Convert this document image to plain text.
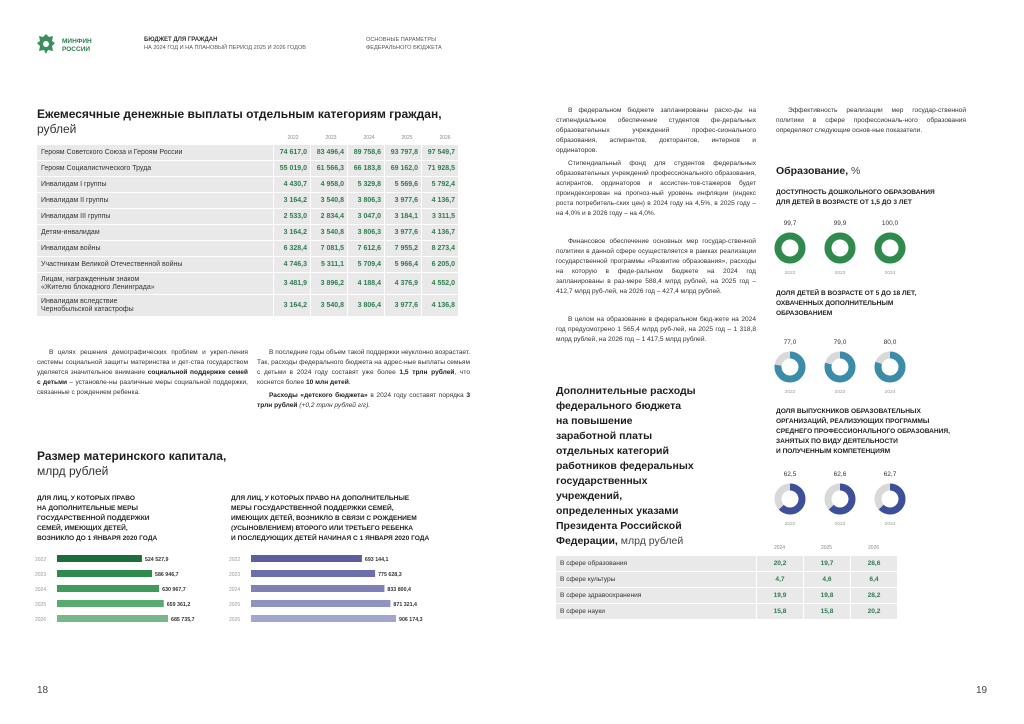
МИНФИН
РОССИИ
БЮДЖЕТ ДЛЯ ГРАЖДАН
НА 2024 ГОД И НА ПЛАНОВЫЙ ПЕРИОД 2025 И 2026 ГОДОВ
ОСНОВНЫЕ ПАРАМЕТРЫ
ФЕДЕРАЛЬНОГО БЮДЖЕТА
Ежемесячные денежные выплаты отдельным категориям граждан,
рублей
2022	2023	2024	2025	2026
Героям Советского Союза и Героям России	74 617,0	83 496,4	89 758,6	93 797,8	97 549,7
Героям Социалистического Труда	55 019,0	61 566,3	66 183,8	69 162,0	71 928,5
Инвалидам I группы	4 430,7	4 958,0	5 329,8	5 569,6	5 792,4
Инвалидам II группы	3 164,2	3 540,8	3 806,3	3 977,6	4 136,7
Инвалидам III группы	2 533,0	2 834,4	3 047,0	3 184,1	3 311,5
Детям-инвалидам	3 164,2	3 540,8	3 806,3	3 977,6	4 136,7
Инвалидам войны	6 328,4	7 081,5	7 612,6	7 955,2	8 273,4
Участникам Великой Отечественной войны	4 746,3	5 311,1	5 709,4	5 966,4	6 205,0
Лицам, награжденным знаком
«Жителю блокадного Ленинграда»	3 481,9	3 896,2	4 188,4	4 376,9	4 552,0
Инвалидам вследствие
Чернобыльской катастрофы	3 164,2	3 540,8	3 806,4	3 977,6	4 136,8
В целях решения демографических проблем и укреп-ления системы социальной защиты материнства и дет-ства государством уделяется значительное внимание социальной поддержке семей с детьми – установле-ны различные меры социальной поддержки, связанные с рождением ребенка.
В последние годы объем такой поддержки неуклонно возрастает. Так, расходы федерального бюджета на адрес-ные выплаты семьям с детьми в 2024 году составят уже более 1,5 трлн рублей, что коснется более 10 млн детей.
Расходы «детского бюджета» в 2024 году составят порядка 3 трлн рублей (+0,2 трлн рублей г/г).
Размер материнского капитала,
млрд рублей
ДЛЯ ЛИЦ, У КОТОРЫХ ПРАВО
НА ДОПОЛНИТЕЛЬНЫЕ МЕРЫ
ГОСУДАРСТВЕННОЙ ПОДДЕРЖКИ
СЕМЕЙ, ИМЕЮЩИХ ДЕТЕЙ,
ВОЗНИКЛО ДО 1 ЯНВАРЯ 2020 ГОДА
2022	524 527,9
2023	586 946,7
2024	630 967,7
2025	659 361,2
2026	685 735,7
ДЛЯ ЛИЦ, У КОТОРЫХ ПРАВО НА ДОПОЛНИТЕЛЬНЫЕ
МЕРЫ ГОСУДАРСТВЕННОЙ ПОДДЕРЖКИ СЕМЕЙ,
ИМЕЮЩИХ ДЕТЕЙ, ВОЗНИКЛО В СВЯЗИ С РОЖДЕНИЕМ
(УСЫНОВЛЕНИЕМ) ВТОРОГО ИЛИ ТРЕТЬЕГО РЕБЕНКА
И ПОСЛЕДУЮЩИХ ДЕТЕЙ НАЧИНАЯ С 1 ЯНВАРЯ 2020 ГОДА
2022	693 144,1
2023	775 628,3
2024	833 800,4
2025	871 321,4
2026	906 174,3
18
В федеральном бюджете запланированы расхо-ды на стипендиальное обеспечение студентов фе-деральных образовательных учреждений профес-сионального образования, аспирантов, докторантов, интернов и ординаторов.
Стипендиальный фонд для студентов федеральных образовательных учреждений профессионального образования, аспирантов, ординаторов и ассистен-тов-стажеров будет проиндексирован на прогноз-ный уровень инфляции (индекс роста потребитель-ских цен) в 2024 году на 4,5%, в 2025 году – на 4,0% и в 2026 году – на 4,0%.
Финансовое обеспечение основных мер государ-ственной политики в данной сфере осуществляется в рамках реализации государственной программы «Развитие образования», расходы на которую в феде-ральном бюджете на 2024 год запланированы в раз-мере 588,4 млрд рублей, на 2025 год – 412,7 млрд руб-лей, на 2026 год – 427,4 млрд рублей.
В целом на образование в федеральном бюд-жете на 2024 год предусмотрено 1 565,4 млрд руб-лей, на 2025 год – 1 318,8 млрд рублей, на 2026 год – 1 417,5 млрд рублей.
Эффективность реализации мер государ-ственной политики в сфере профессиональ-ного образования определяют следующие основ-ные показатели.
Образование, %
ДОСТУПНОСТЬ ДОШКОЛЬНОГО ОБРАЗОВАНИЯ
ДЛЯ ДЕТЕЙ В ВОЗРАСТЕ ОТ 1,5 ДО 3 ЛЕТ
99,7
2022
99,9
2023
100,0
2024
ДОЛЯ ДЕТЕЙ В ВОЗРАСТЕ ОТ 5 ДО 18 ЛЕТ,
ОХВАЧЕННЫХ ДОПОЛНИТЕЛЬНЫМ
ОБРАЗОВАНИЕМ
77,0
2022
79,0
2023
80,0
2024
ДОЛЯ ВЫПУСКНИКОВ ОБРАЗОВАТЕЛЬНЫХ
ОРГАНИЗАЦИЙ, РЕАЛИЗУЮЩИХ ПРОГРАММЫ
СРЕДНЕГО ПРОФЕССИОНАЛЬНОГО ОБРАЗОВАНИЯ,
ЗАНЯТЫХ ПО ВИДУ ДЕЯТЕЛЬНОСТИ
И ПОЛУЧЕННЫМ КОМПЕТЕНЦИЯМ
62,5
2022
62,6
2023
62,7
2024
Дополнительные расходы
федерального бюджета
на повышение
заработной платы
отдельных категорий
работников федеральных
государственных
учреждений,
определенных указами
Президента Российской
Федерации, млрд рублей
2024	2025	2026
В сфере образования	20,2	19,7	28,6
В сфере культуры	4,7	4,6	6,4
В сфере здравоохранения	19,9	19,8	28,2
В сфере науки	15,8	15,8	20,2
19
